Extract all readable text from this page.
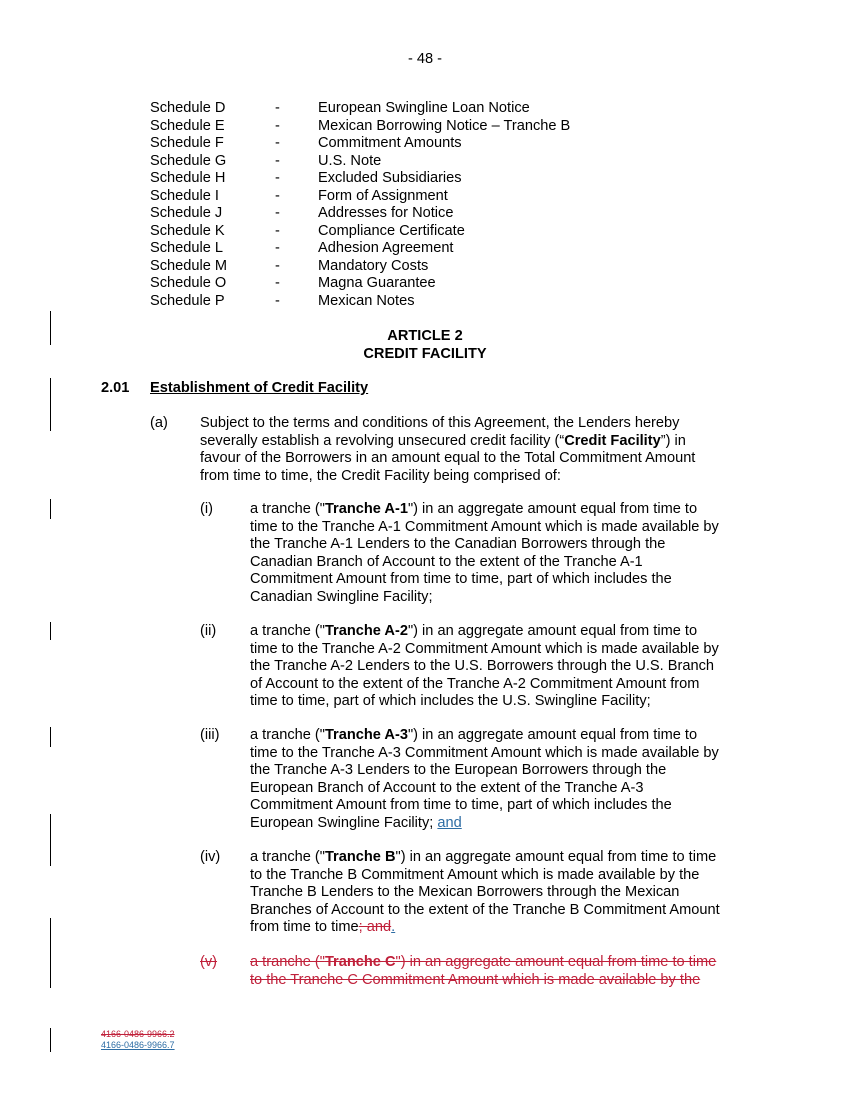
- 48 -
Schedule D	-	European Swingline Loan Notice
Schedule E	-	Mexican Borrowing Notice – Tranche B
Schedule F	-	Commitment Amounts
Schedule G	-	U.S. Note
Schedule H	-	Excluded Subsidiaries
Schedule I	-	Form of Assignment
Schedule J	-	Addresses for Notice
Schedule K	-	Compliance Certificate
Schedule L	-	Adhesion Agreement
Schedule M	-	Mandatory Costs
Schedule O	-	Magna Guarantee
Schedule P	-	Mexican Notes
ARTICLE 2
CREDIT FACILITY
2.01 Establishment of Credit Facility
(a) Subject to the terms and conditions of this Agreement, the Lenders hereby
severally establish a revolving unsecured credit facility (“Credit Facility”) in
favour of the Borrowers in an amount equal to the Total Commitment Amount
from time to time, the Credit Facility being comprised of:
(i)	a tranche ("Tranche A-1") in an aggregate amount equal from time to
time to the Tranche A-1 Commitment Amount which is made available by
the Tranche A-1 Lenders to the Canadian Borrowers through the
Canadian Branch of Account to the extent of the Tranche A-1
Commitment Amount from time to time, part of which includes the
Canadian Swingline Facility;
(ii) a tranche ("Tranche A-2") in an aggregate amount equal from time to
time to the Tranche A-2 Commitment Amount which is made available by
the Tranche A-2 Lenders to the U.S. Borrowers through the U.S. Branch
of Account to the extent of the Tranche A-2 Commitment Amount from
time to time, part of which includes the U.S. Swingline Facility;
(iii) a tranche ("Tranche A-3") in an aggregate amount equal from time to
time to the Tranche A-3 Commitment Amount which is made available by
the Tranche A-3 Lenders to the European Borrowers through the
European Branch of Account to the extent of the Tranche A-3
Commitment Amount from time to time, part of which includes the
European Swingline Facility; and
(iv) a tranche ("Tranche B") in an aggregate amount equal from time to time
to the Tranche B Commitment Amount which is made available by the
Tranche B Lenders to the Mexican Borrowers through the Mexican
Branches of Account to the extent of the Tranche B Commitment Amount
from time to time; and.
(v)	a tranche ("Tranche C") in an aggregate amount equal from time to time
to the Tranche C Commitment Amount which is made available by the
4166-0486-9966.2
4166-0486-9966.7
